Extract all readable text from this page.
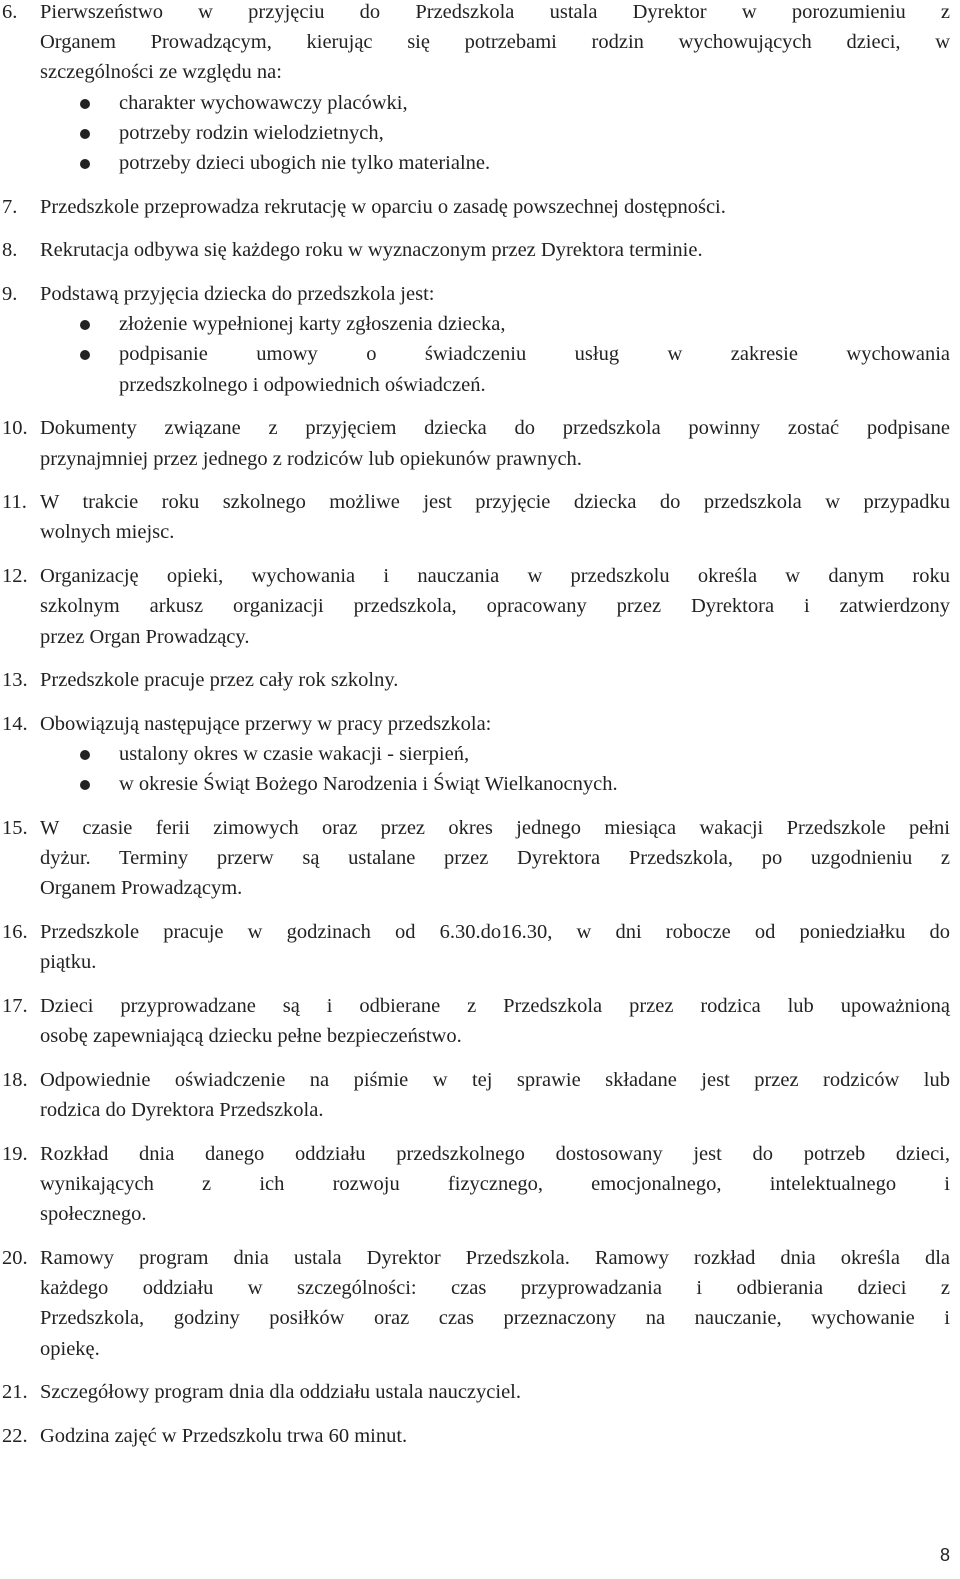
6. Pierwszeństwo w przyjęciu do Przedszkola ustala Dyrektor w porozumieniu z
Organem Prowadzącym, kierując się potrzebami rodzin wychowujących dzieci, w
szczególności ze względu na:
charakter wychowawczy placówki,
potrzeby rodzin wielodzietnych,
potrzeby dzieci ubogich nie tylko materialne.
7. Przedszkole przeprowadza rekrutację w oparciu o zasadę powszechnej dostępności.
8. Rekrutacja odbywa się każdego roku w wyznaczonym przez Dyrektora terminie.
9. Podstawą przyjęcia dziecka do przedszkola jest:
złożenie wypełnionej karty zgłoszenia dziecka,
podpisanie umowy o świadczeniu usług w zakresie wychowania
przedszkolnego i odpowiednich oświadczeń.
10. Dokumenty związane z przyjęciem dziecka do przedszkola powinny zostać podpisane
przynajmniej przez jednego z rodziców lub opiekunów prawnych.
11. W trakcie roku szkolnego możliwe jest przyjęcie dziecka do przedszkola w przypadku
wolnych miejsc.
12. Organizację opieki, wychowania i nauczania w przedszkolu określa w danym roku
szkolnym arkusz organizacji przedszkola, opracowany przez Dyrektora i zatwierdzony
przez Organ Prowadzący.
13. Przedszkole pracuje przez cały rok szkolny.
14. Obowiązują następujące przerwy w pracy przedszkola:
ustalony okres w czasie wakacji - sierpień,
w okresie Świąt Bożego Narodzenia i Świąt Wielkanocnych.
15. W czasie ferii zimowych oraz przez okres jednego miesiąca wakacji Przedszkole pełni
dyżur. Terminy przerw są ustalane przez Dyrektora Przedszkola, po uzgodnieniu z
Organem Prowadzącym.
16. Przedszkole pracuje w godzinach od 6.30.do16.30, w dni robocze od poniedziałku do
piątku.
17. Dzieci przyprowadzane są i odbierane z Przedszkola przez rodzica lub upoważnioną
osobę zapewniającą dziecku pełne bezpieczeństwo.
18. Odpowiednie oświadczenie na piśmie w tej sprawie składane jest przez rodziców lub
rodzica do Dyrektora Przedszkola.
19. Rozkład dnia danego oddziału przedszkolnego dostosowany jest do potrzeb dzieci,
wynikających z ich rozwoju fizycznego, emocjonalnego, intelektualnego i
społecznego.
20. Ramowy program dnia ustala Dyrektor Przedszkola. Ramowy rozkład dnia określa dla
każdego oddziału w szczególności: czas przyprowadzania i odbierania dzieci z
Przedszkola, godziny posiłków oraz czas przeznaczony na nauczanie, wychowanie i
opiekę.
21. Szczegółowy program dnia dla oddziału ustala nauczyciel.
22. Godzina zajęć w Przedszkolu trwa 60 minut.
8
